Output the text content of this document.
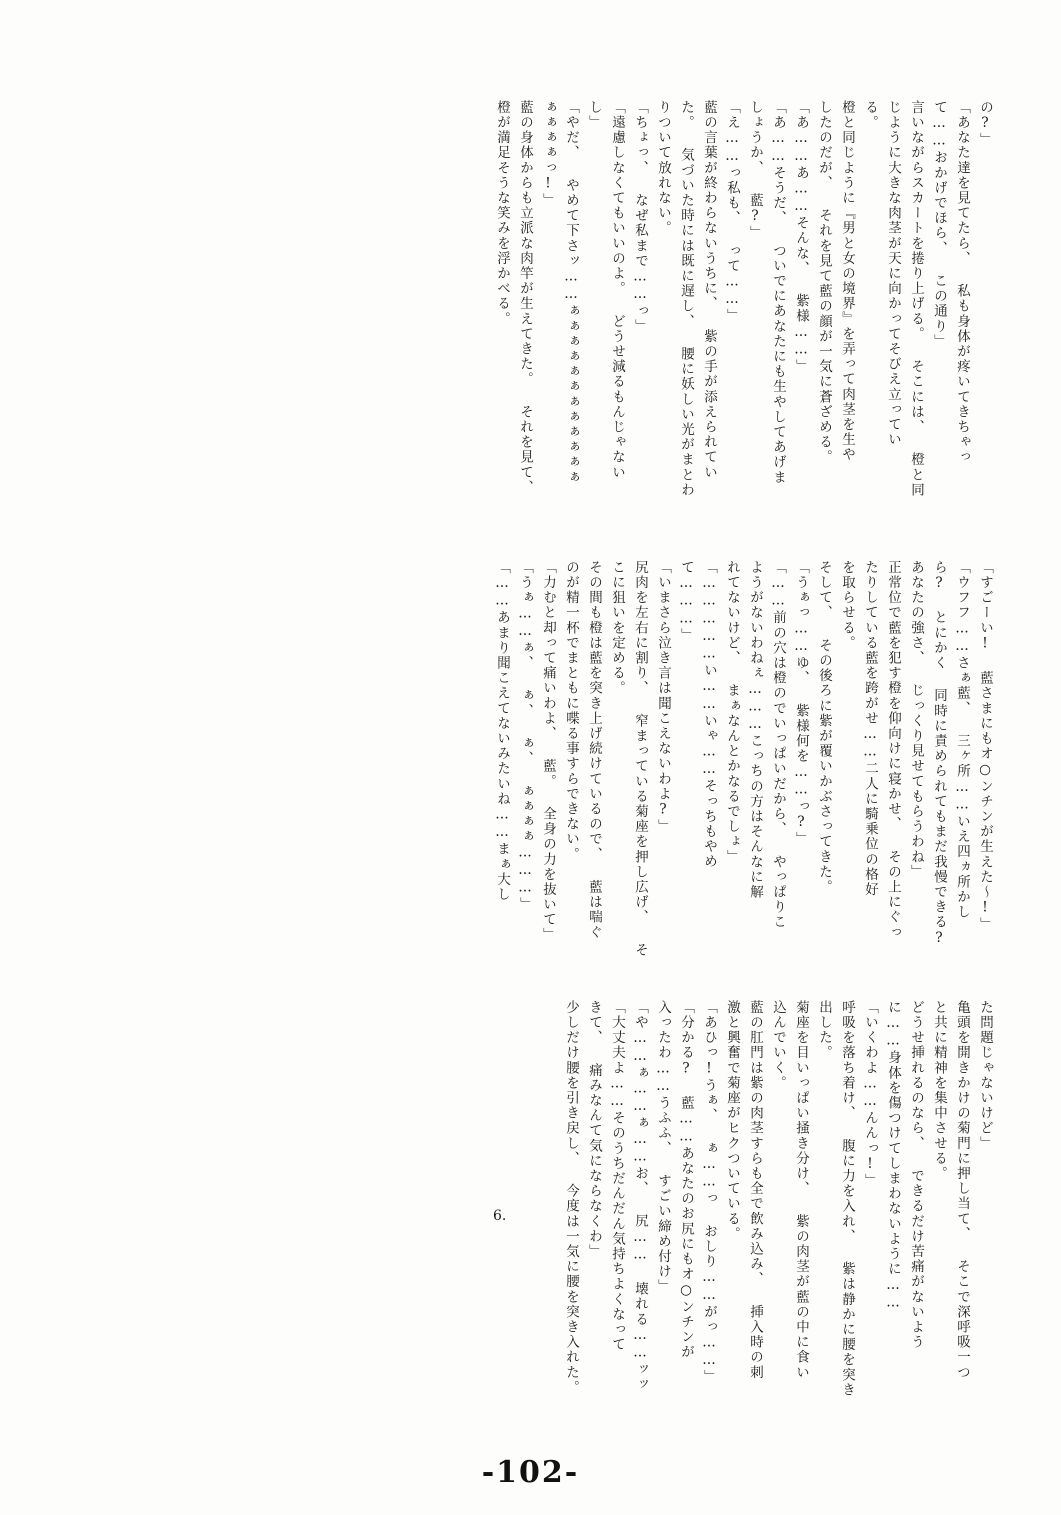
の?」
「あなた達を見てたら、 私も身体が疼いてきちゃっ
て……おかげでほら、 この通り」
言いながらスカートを捲り上げる。 そこには、 橙と同
じように大きな肉茎が天に向かってそびえ立ってい
る。
橙と同じように『男と女の境界』を弄って肉茎を生や
したのだが、 それを見て藍の顔が一気に蒼ざめる。
「あ……あ……そんな、 紫様……」
「あ……そうだ、 ついでにあなたにも生やしてあげま
しょうか、 藍?」
「え……っ私も、 って……」
藍の言葉が終わらないうちに、 紫の手が添えられてい
た。 気づいた時には既に遅し、 腰に妖しい光がまとわ
りついて放れない。
「ちょっ、 なぜ私まで……っ」
「遠慮しなくてもいいのよ。 どうせ減るもんじゃない
し」
「やだ、 やめて下さッ……ぁぁぁぁぁぁぁぁぁぁぁぁ
ぁぁぁぁっ!」
藍の身体からも立派な肉竿が生えてきた。 それを見て、
橙が満足そうな笑みを浮かべる。
「すごーい! 藍さまにもオ○ンチンが生えた〜!」
「ウフフ……さぁ藍、 三ヶ所……いえ四ヵ所かし
ら? とにかく 同時に責められてもまだ我慢できる?
あなたの強さ、 じっくり見せてもらうわね」
正常位で藍を犯す橙を仰向けに寝かせ、 その上にぐっ
たりしている藍を跨がせ……二人に騎乗位の格好
を取らせる。
そして、 その後ろに紫が覆いかぶさってきた。
「うぁっ……ゆ、 紫様何を……っ?」
「……前の穴は橙のでいっぱいだから、 やっぱりこ
ようがないわねぇ………こっちの方はそんなに解
れてないけど、 まぁなんとかなるでしょ」
「……………い……いゃ……そっちもやめ
て………」
「いまさら泣き言は聞こえないわよ?」
尻肉を左右に割り、 窄まっている菊座を押し広げ、 そ
こに狙いを定める。
その間も橙は藍を突き上げ続けているので、 藍は喘ぐ
のが精一杯でまともに喋る事すらできない。
「力むと却って痛いわよ、 藍。 全身の力を抜いて」
「うぁ……ぁ、 ぁ、 ぁ、 ぁぁぁぁ………」
「……あまり聞こえてないみたいね……まぁ大し
た問題じゃないけど」
亀頭を開きかけの菊門に押し当て、 そこで深呼吸一つ
と共に精神を集中させる。
どうせ挿れるのなら、 できるだけ苦痛がないよう
に……身体を傷つけてしまわないように……
「いくわよ……んんっ!」
呼吸を落ち着け、 腹に力を入れ、 紫は静かに腰を突き
出した。
菊座を目いっぱい掻き分け、 紫の肉茎が藍の中に食い
込んでいく。
藍の肛門は紫の肉茎すらも全で飲み込み、 挿入時の刺
激と興奮で菊座がヒクついている。
「あひっ!うぁ、 ぁ……っ おしり……がっ……」
「分かる? 藍……あなたのお尻にもオ○ンチンが
入ったわ……うふふ、 すごい締め付け」
「や……ぁ……ぁ……お、 尻…… 壊れる……ッッ
「大丈夫よ……そのうちだんだん気持ちよくなって
きて、 痛みなんて気にならなくわ」
少しだけ腰を引き戻し、 今度は一気に腰を突き入れた。
6.
-102-
